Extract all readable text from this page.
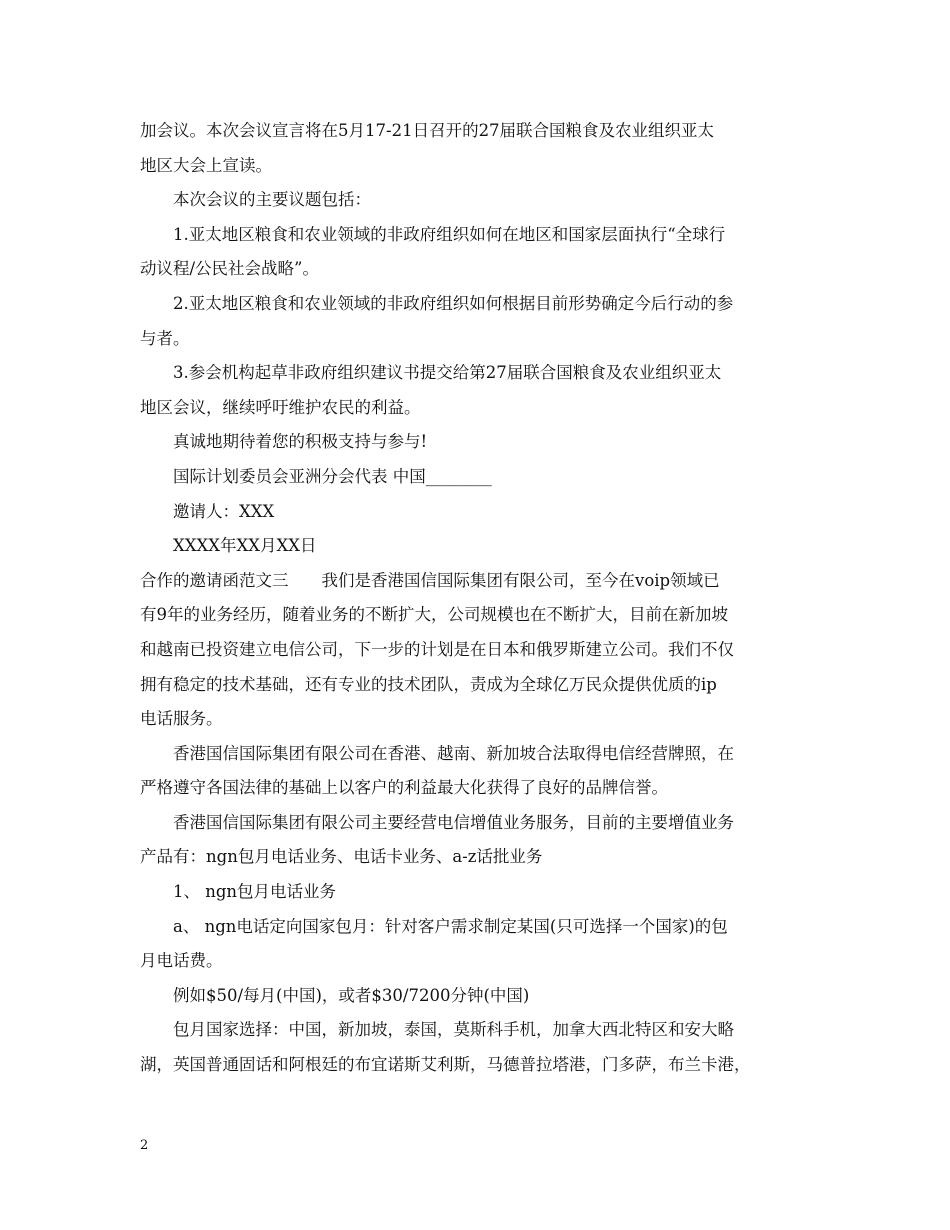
加会议。本次会议宣言将在5月17-21日召开的27届联合国粮食及农业组织亚太
地区大会上宣读。
本次会议的主要议题包括：
1.亚太地区粮食和农业领域的非政府组织如何在地区和国家层面执行“全球行
动议程/公民社会战略”。
2.亚太地区粮食和农业领域的非政府组织如何根据目前形势确定今后行动的参
与者。
3.参会机构起草非政府组织建议书提交给第27届联合国粮食及农业组织亚太
地区会议，继续呼吁维护农民的利益。
真诚地期待着您的积极支持与参与!
国际计划委员会亚洲分会代表 中国________
邀请人：XXX
XXXX年XX月XX日
合作的邀请函范文三　　我们是香港国信国际集团有限公司，至今在voip领域已
有9年的业务经历，随着业务的不断扩大，公司规模也在不断扩大，目前在新加坡
和越南已投资建立电信公司，下一步的计划是在日本和俄罗斯建立公司。我们不仅
拥有稳定的技术基础，还有专业的技术团队，责成为全球亿万民众提供优质的ip
电话服务。
香港国信国际集团有限公司在香港、越南、新加坡合法取得电信经营牌照，在
严格遵守各国法律的基础上以客户的利益最大化获得了良好的品牌信誉。
香港国信国际集团有限公司主要经营电信增值业务服务，目前的主要增值业务
产品有：ngn包月电话业务、电话卡业务、a-z话批业务
1、 ngn包月电话业务
a、 ngn电话定向国家包月：针对客户需求制定某国(只可选择一个国家)的包
月电话费。
例如$50/每月(中国)，或者$30/7200分钟(中国)
包月国家选择：中国，新加坡，泰国，莫斯科手机，加拿大西北特区和安大略
湖，英国普通固话和阿根廷的布宜诺斯艾利斯，马德普拉塔港，门多萨，布兰卡港，
2
